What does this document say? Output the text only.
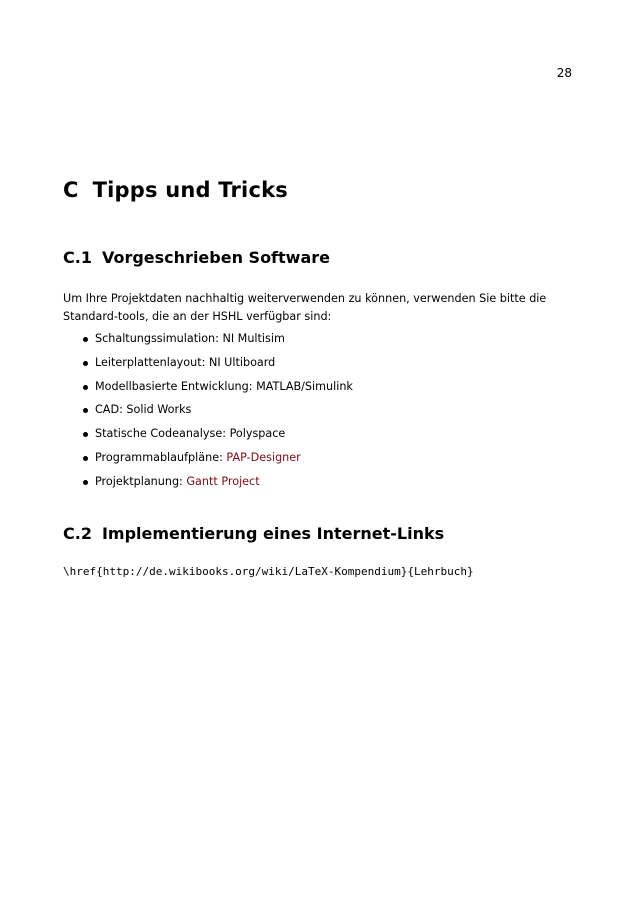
28
C Tipps und Tricks
C.1 Vorgeschrieben Software

Um Ihre Projektdaten nachhaltig weiterverwenden zu können, verwenden Sie bitte die Standard-tools, die an der HSHL verfügbar sind:

Schaltungssimulation: NI Multisim
Leiterplattenlayout: NI Ultiboard
Modellbasierte Entwicklung: MATLAB/Simulink
CAD: Solid Works
Statische Codeanalyse: Polyspace
Programmablaufpläne: PAP-Designer
Projektplanung: Gantt Project
C.2 Implementierung eines Internet-Links
\href{http://de.wikibooks.org/wiki/LaTeX-Kompendium}{Lehrbuch}
